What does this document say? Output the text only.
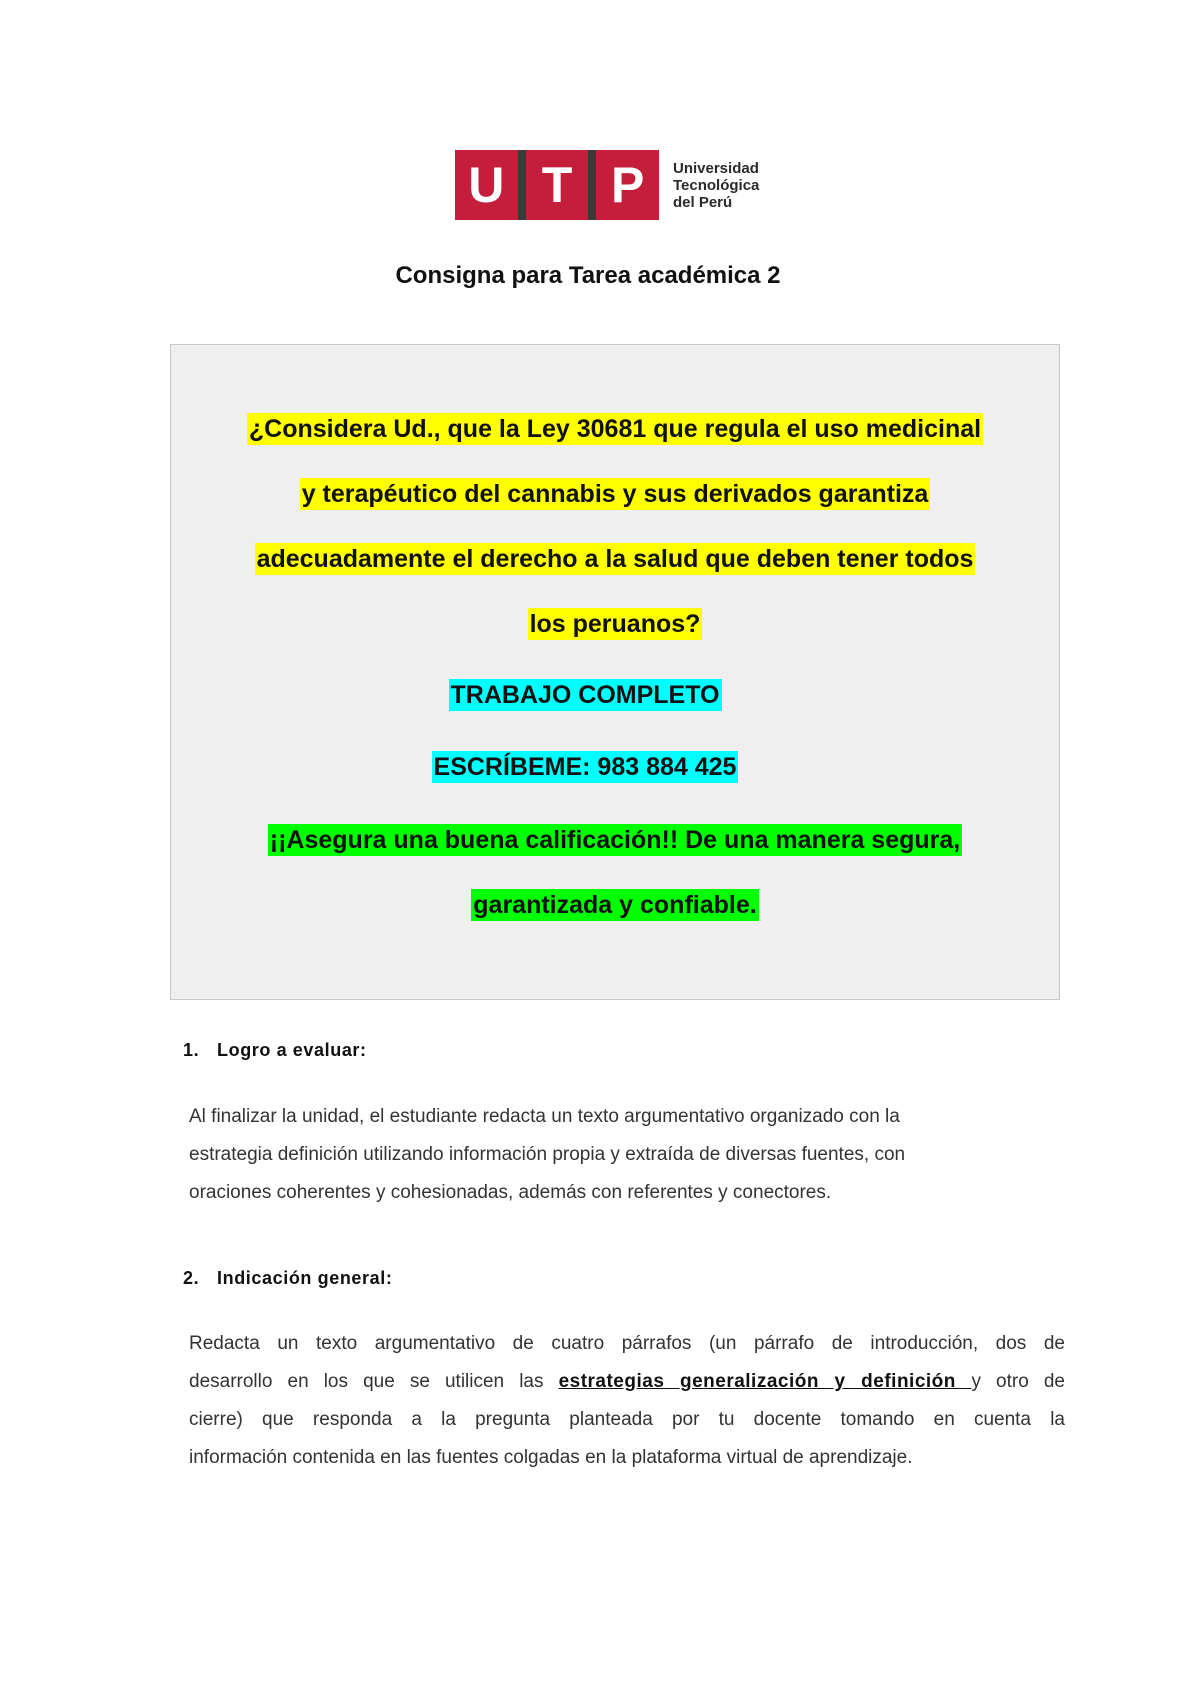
U T P	Universidad
Tecnológica
del Perú
Consigna para Tarea académica 2
¿Considera Ud., que la Ley 30681 que regula el uso medicinal
y terapéutico del cannabis y sus derivados garantiza
adecuadamente el derecho a la salud que deben tener todos
los peruanos?
TRABAJO COMPLETO
ESCRÍBEME: 983 884 425
¡¡Asegura una buena calificación!! De una manera segura,
garantizada y confiable.
1. Logro a evaluar:
Al finalizar la unidad, el estudiante redacta un texto argumentativo organizado con la
estrategia definición utilizando información propia y extraída de diversas fuentes, con
oraciones coherentes y cohesionadas, además con referentes y conectores.
2. Indicación general:
Redacta un texto argumentativo de cuatro párrafos (un párrafo de introducción, dos de
desarrollo en los que se utilicen las estrategias generalización y definición y otro de
cierre) que responda a la pregunta planteada por tu docente tomando en cuenta la
información contenida en las fuentes colgadas en la plataforma virtual de aprendizaje.
